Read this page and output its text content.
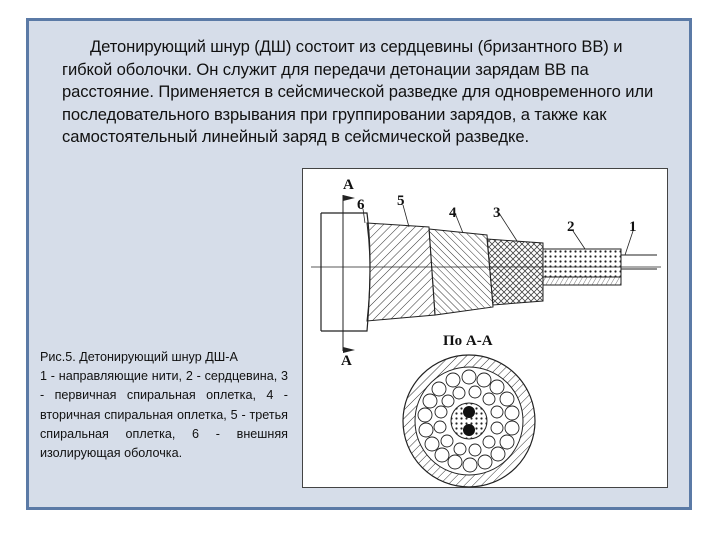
Детонирующий шнур (ДШ) состоит из сердцевины (бризантного ВВ) и гибкой оболочки. Он служит для передачи детонации зарядам ВВ па расстояние. Применяется в сейсмической разведке для одновременного или последовательного взрывания при группировании зарядов, а также как самостоятельный линейный заряд в сейсмической разведке.

А
6 5
4 3
2	1
А
По А-А

Рис.5. Детонирующий шнур ДШ-А
1 - направляющие нити, 2 - сердцевина, 3 - первичная спиральная оплетка, 4 - вторичная спиральная оплетка, 5 - третья спиральная оплетка, 6 - внешняя изолирующая оболочка.
